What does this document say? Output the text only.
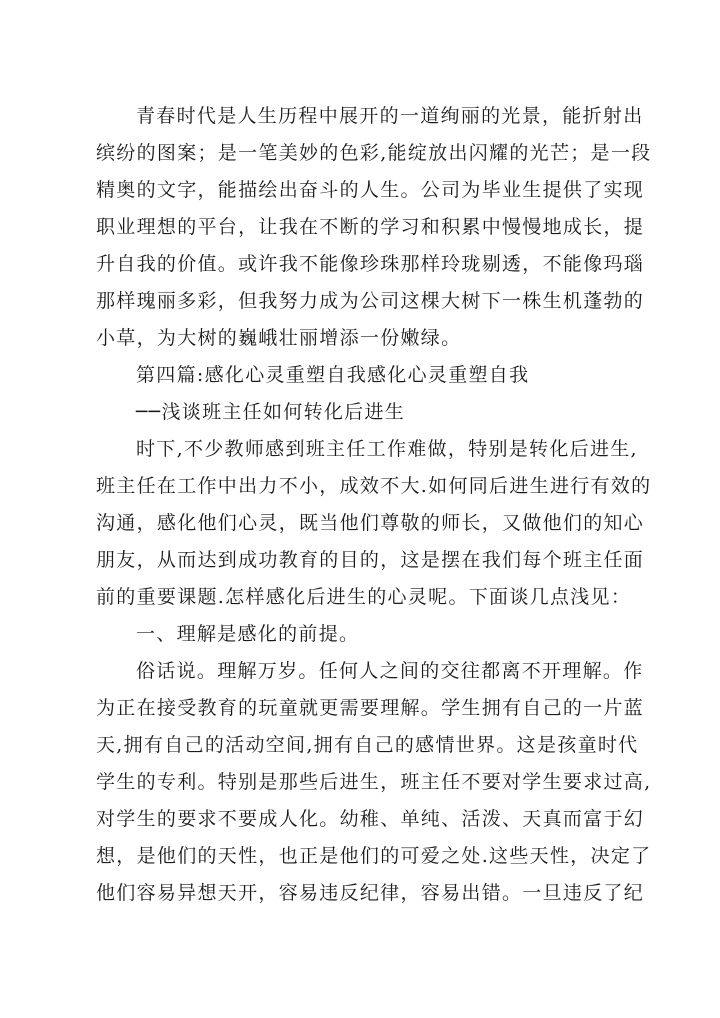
青春时代是人生历程中展开的一道绚丽的光景，能折射出
缤纷的图案；是一笔美妙的色彩,能绽放出闪耀的光芒；是一段
精奥的文字，能描绘出奋斗的人生。公司为毕业生提供了实现
职业理想的平台，让我在不断的学习和积累中慢慢地成长，提
升自我的价值。或许我不能像珍珠那样玲珑剔透，不能像玛瑙
那样瑰丽多彩，但我努力成为公司这棵大树下一株生机蓬勃的
小草，为大树的巍峨壮丽增添一份嫩绿。
第四篇:感化心灵重塑自我感化心灵重塑自我
──浅谈班主任如何转化后进生
时下,不少教师感到班主任工作难做，特别是转化后进生,
班主任在工作中出力不小，成效不大.如何同后进生进行有效的
沟通，感化他们心灵，既当他们尊敬的师长，又做他们的知心
朋友，从而达到成功教育的目的，这是摆在我们每个班主任面
前的重要课题.怎样感化后进生的心灵呢。下面谈几点浅见：
一、理解是感化的前提。
俗话说。理解万岁。任何人之间的交往都离不开理解。作
为正在接受教育的玩童就更需要理解。学生拥有自己的一片蓝
天,拥有自己的活动空间,拥有自己的感情世界。这是孩童时代
学生的专利。特别是那些后进生，班主任不要对学生要求过高,
对学生的要求不要成人化。幼稚、单纯、活泼、天真而富于幻
想，是他们的天性，也正是他们的可爱之处.这些天性，决定了
他们容易异想天开，容易违反纪律，容易出错。一旦违反了纪
